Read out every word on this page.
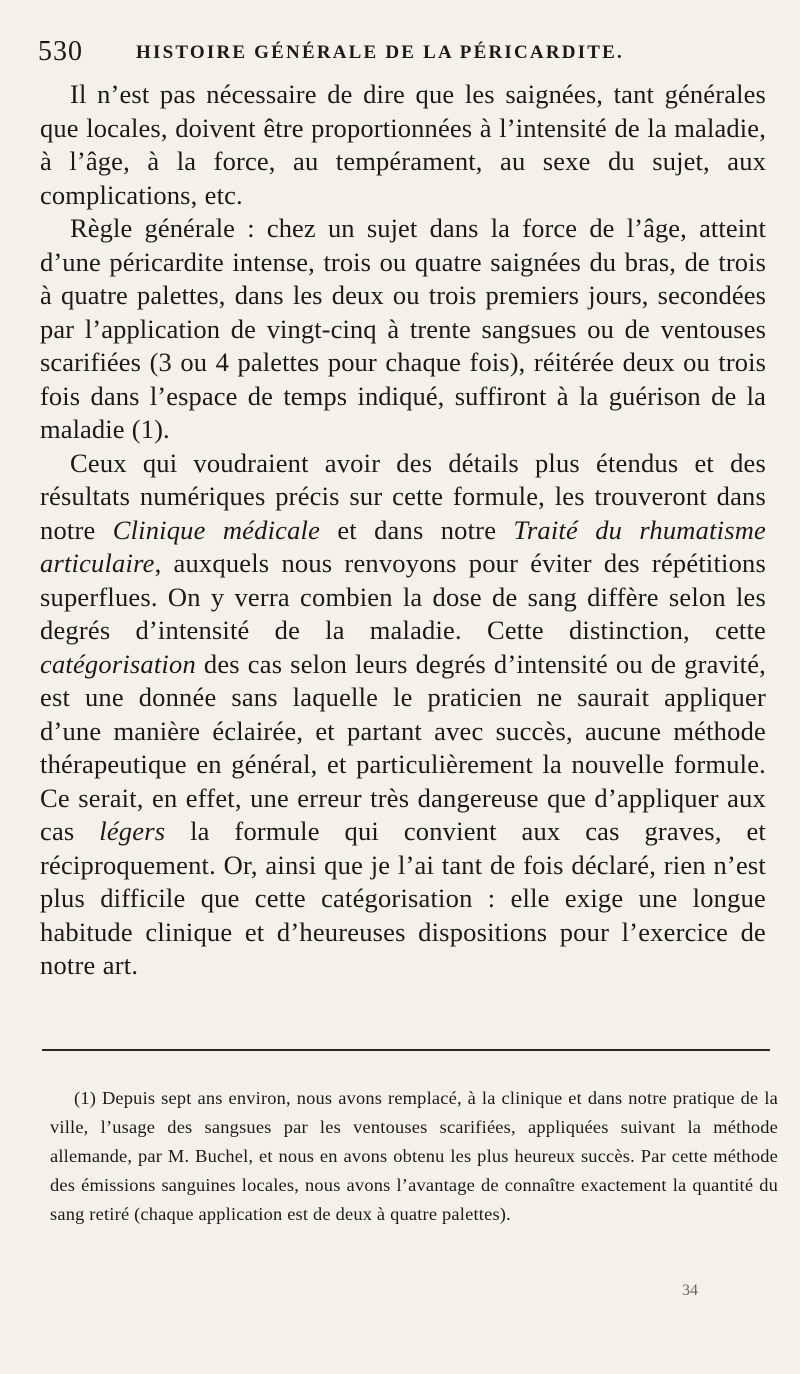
530	HISTOIRE GÉNÉRALE DE LA PÉRICARDITE.

Il n’est pas nécessaire de dire que les saignées, tant générales que locales, doivent être proportionnées à l’intensité de la maladie, à l’âge, à la force, au tempérament, au sexe du sujet, aux complications, etc.

Règle générale : chez un sujet dans la force de l’âge, atteint d’une péricardite intense, trois ou quatre saignées du bras, de trois à quatre palettes, dans les deux ou trois premiers jours, secondées par l’application de vingt-cinq à trente sangsues ou de ventouses scarifiées (3 ou 4 palettes pour chaque fois), réitérée deux ou trois fois dans l’espace de temps indiqué, suffiront à la guérison de la maladie (1).

Ceux qui voudraient avoir des détails plus étendus et des résultats numériques précis sur cette formule, les trouveront dans notre Clinique médicale et dans notre Traité du rhumatisme articulaire, auxquels nous renvoyons pour éviter des répétitions superflues. On y verra combien la dose de sang diffère selon les degrés d’intensité de la maladie. Cette distinction, cette catégorisation des cas selon leurs degrés d’intensité ou de gravité, est une donnée sans laquelle le praticien ne saurait appliquer d’une manière éclairée, et partant avec succès, aucune méthode thérapeutique en général, et particulièrement la nouvelle formule. Ce serait, en effet, une erreur très dangereuse que d’appliquer aux cas légers la formule qui convient aux cas graves, et réciproquement. Or, ainsi que je l’ai tant de fois déclaré, rien n’est plus difficile que cette catégorisation : elle exige une longue habitude clinique et d’heureuses dispositions pour l’exercice de notre art.

(1) Depuis sept ans environ, nous avons remplacé, à la clinique et dans notre pratique de la ville, l’usage des sangsues par les ventouses scarifiées, appliquées suivant la méthode allemande, par M. Buchel, et nous en avons obtenu les plus heureux succès. Par cette méthode des émissions sanguines locales, nous avons l’avantage de connaître exactement la quantité du sang retiré (chaque application est de deux à quatre palettes).

34
